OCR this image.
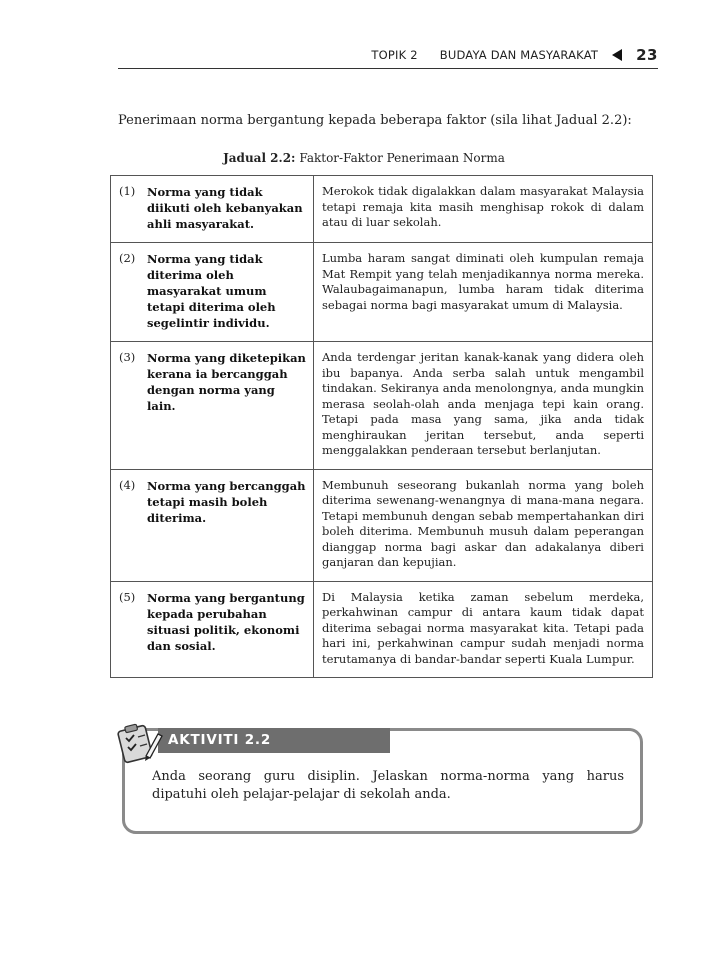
TOPIK 2 BUDAYA DAN MASYARAKAT	23
Penerimaan norma bergantung kepada beberapa faktor (sila lihat Jadual 2.2):
Jadual 2.2: Faktor-Faktor Penerimaan Norma
(1)	Norma yang tidak diikuti oleh kebanyakan ahli masyarakat.	Merokok tidak digalakkan dalam masyarakat Malaysia tetapi remaja kita masih menghisap rokok di dalam atau di luar sekolah.
(2)	Norma yang tidak diterima oleh masyarakat umum tetapi diterima oleh segelintir individu.	Lumba haram sangat diminati oleh kumpulan remaja Mat Rempit yang telah menjadikannya norma mereka. Walaubagaimanapun, lumba haram tidak diterima sebagai norma bagi masyarakat umum di Malaysia.
(3)	Norma yang diketepikan kerana ia bercanggah dengan norma yang lain.	Anda terdengar jeritan kanak-kanak yang didera oleh ibu bapanya. Anda serba salah untuk mengambil tindakan. Sekiranya anda menolongnya, anda mungkin merasa seolah-olah anda menjaga tepi kain orang. Tetapi pada masa yang sama, jika anda tidak menghiraukan jeritan tersebut, anda seperti menggalakkan penderaan tersebut berlanjutan.
(4)	Norma yang bercanggah tetapi masih boleh diterima.	Membunuh seseorang bukanlah norma yang boleh diterima sewenang-wenangnya di mana-mana negara. Tetapi membunuh dengan sebab mempertahankan diri boleh diterima. Membunuh musuh dalam peperangan dianggap norma bagi askar dan adakalanya diberi ganjaran dan kepujian.
(5)	Norma yang bergantung kepada perubahan situasi politik, ekonomi dan sosial.	Di Malaysia ketika zaman sebelum merdeka, perkahwinan campur di antara kaum tidak dapat diterima sebagai norma masyarakat kita. Tetapi pada hari ini, perkahwinan campur sudah menjadi norma terutamanya di bandar-bandar seperti Kuala Lumpur.
AKTIVITI 2.2
Anda seorang guru disiplin. Jelaskan norma-norma yang harus dipatuhi oleh pelajar-pelajar di sekolah anda.
